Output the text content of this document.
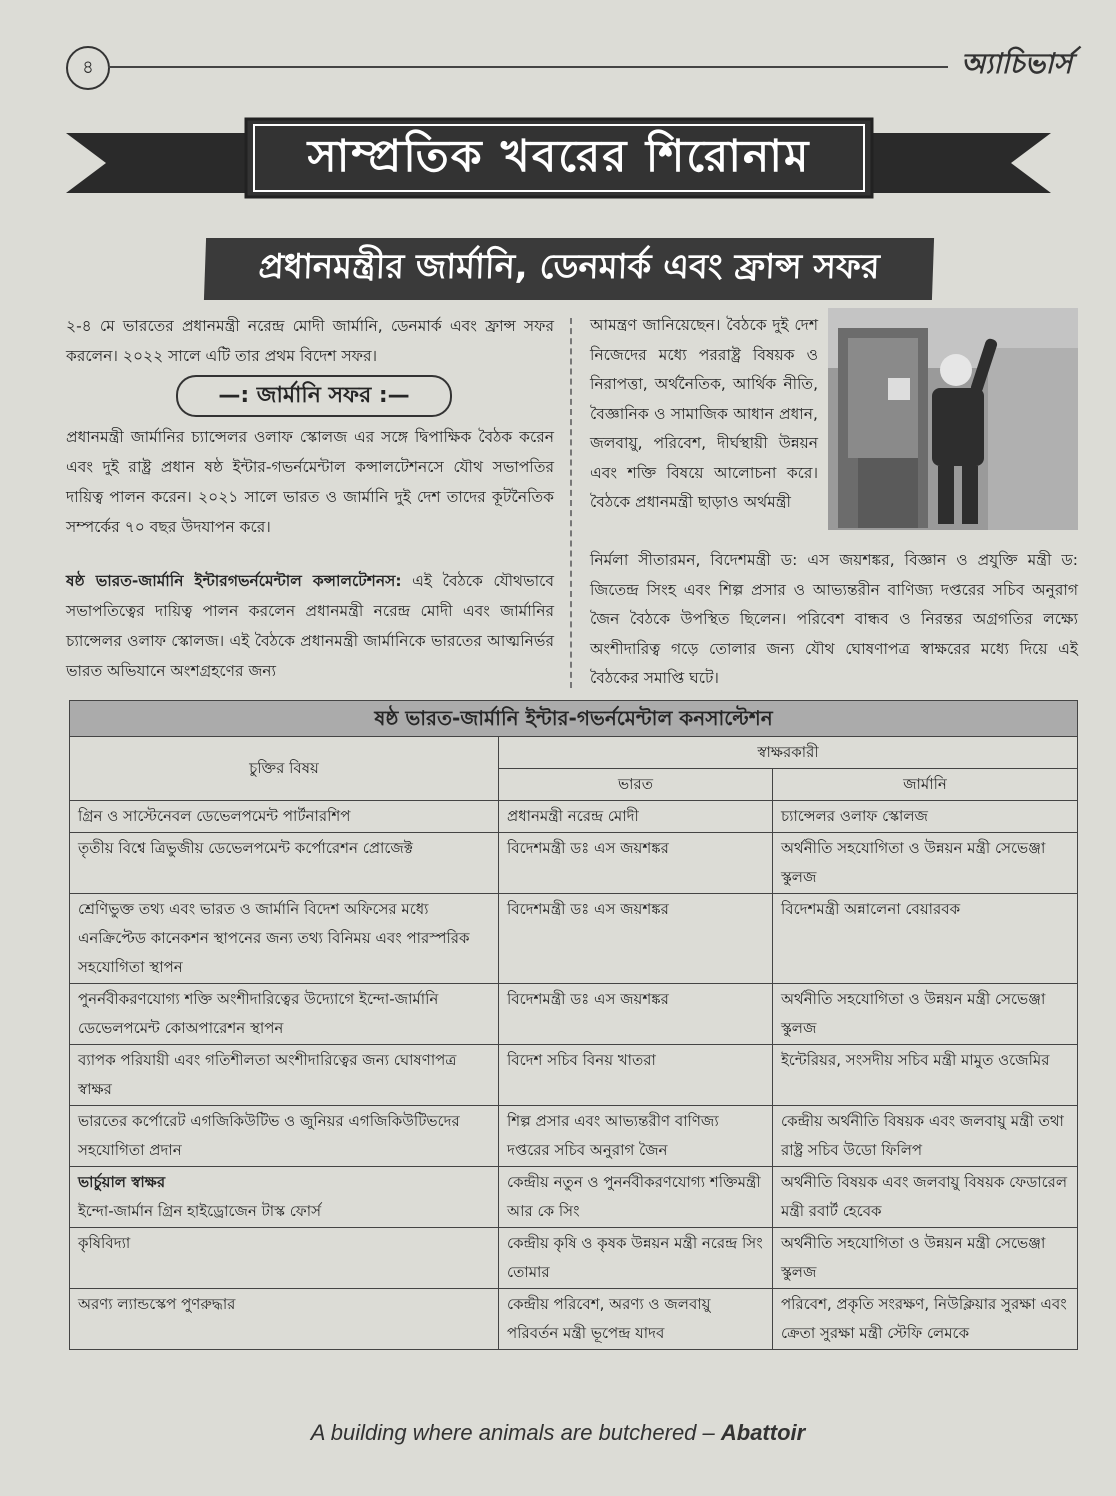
৪	অ্যাচিভার্স
সাম্প্রতিক খবরের শিরোনাম
প্রধানমন্ত্রীর জার্মানি, ডেনমার্ক এবং ফ্রান্স সফর

২-৪ মে ভারতের প্রধানমন্ত্রী নরেন্দ্র মোদী জার্মানি, ডেনমার্ক এবং ফ্রান্স সফর করলেন। ২০২২ সালে এটি তার প্রথম বিদেশ সফর।

—: জার্মানি সফর :—

প্রধানমন্ত্রী জার্মানির চ্যান্সেলর ওলাফ স্কোলজ এর সঙ্গে দ্বিপাক্ষিক বৈঠক করেন এবং দুই রাষ্ট্র প্রধান ষষ্ঠ ইন্টার-গভর্নমেন্টাল কন্সালটেশনসে যৌথ সভাপতির দায়িত্ব পালন করেন। ২০২১ সালে ভারত ও জার্মানি দুই দেশ তাদের কূটনৈতিক সম্পর্কের ৭০ বছর উদযাপন করে।

ষষ্ঠ ভারত-জার্মানি ইন্টারগভর্নমেন্টাল কন্সালটেশনস: এই বৈঠকে যৌথভাবে সভাপতিত্বের দায়িত্ব পালন করলেন প্রধানমন্ত্রী নরেন্দ্র মোদী এবং জার্মানির চ্যান্সেলর ওলাফ স্কোলজ। এই বৈঠকে প্রধানমন্ত্রী জার্মানিকে ভারতের আত্মনির্ভর ভারত অভিযানে অংশগ্রহণের জন্য

আমন্ত্রণ জানিয়েছেন। বৈঠকে দুই দেশ নিজেদের মধ্যে পররাষ্ট্র বিষয়ক ও নিরাপত্তা, অর্থনৈতিক, আর্থিক নীতি, বৈজ্ঞানিক ও সামাজিক আধান প্রধান, জলবায়ু, পরিবেশ, দীর্ঘস্থায়ী উন্নয়ন এবং শক্তি বিষয়ে আলোচনা করে। বৈঠকে প্রধানমন্ত্রী ছাড়াও অর্থমন্ত্রী

নির্মলা সীতারমন, বিদেশমন্ত্রী ড: এস জয়শঙ্কর, বিজ্ঞান ও প্রযুক্তি মন্ত্রী ড: জিতেন্দ্র সিংহ এবং শিল্প প্রসার ও আভ্যন্তরীন বাণিজ্য দপ্তরের সচিব অনুরাগ জৈন বৈঠকে উপস্থিত ছিলেন। পরিবেশ বান্ধব ও নিরন্তর অগ্রগতির লক্ষ্যে অংশীদারিত্ব গড়ে তোলার জন্য যৌথ ঘোষণাপত্র স্বাক্ষরের মধ্যে দিয়ে এই বৈঠকের সমাপ্তি ঘটে।

ষষ্ঠ ভারত-জার্মানি ইন্টার-গভর্নমেন্টাল কনসাল্টেশন		
চুক্তির বিষয়	স্বাক্ষরকারী	
	ভারত	জার্মানি
গ্রিন ও সাস্টেনেবল ডেভেলপমেন্ট পার্টনারশিপ	প্রধানমন্ত্রী নরেন্দ্র মোদী	চ্যান্সেলর ওলাফ স্কোলজ
তৃতীয় বিশ্বে ত্রিভুজীয় ডেভেলপমেন্ট কর্পোরেশন প্রোজেক্ট	বিদেশমন্ত্রী ডঃ এস জয়শঙ্কর	অর্থনীতি সহযোগিতা ও উন্নয়ন মন্ত্রী সেভেঞ্জা স্কুলজ
শ্রেণিভুক্ত তথ্য এবং ভারত ও জার্মানি বিদেশ অফিসের মধ্যে এনক্রিপ্টেড কানেকশন স্থাপনের জন্য তথ্য বিনিময় এবং পারস্পরিক সহযোগিতা স্থাপন	বিদেশমন্ত্রী ডঃ এস জয়শঙ্কর	বিদেশমন্ত্রী অন্নালেনা বেয়ারবক
পুনর্নবীকরণযোগ্য শক্তি অংশীদারিত্বের উদ্যোগে ইন্দো-জার্মানি ডেভেলপমেন্ট কোঅপারেশন স্থাপন	বিদেশমন্ত্রী ডঃ এস জয়শঙ্কর	অর্থনীতি সহযোগিতা ও উন্নয়ন মন্ত্রী সেভেঞ্জা স্কুলজ
ব্যাপক পরিযায়ী এবং গতিশীলতা অংশীদারিত্বের জন্য ঘোষণাপত্র স্বাক্ষর	বিদেশ সচিব বিনয় খাতরা	ইন্টেরিয়র, সংসদীয় সচিব মন্ত্রী মামুত ওজেমির
ভারতের কর্পোরেট এগজিকিউটিভ ও জুনিয়র এগজিকিউটিভদের সহযোগিতা প্রদান	শিল্প প্রসার এবং আভ্যন্তরীণ বাণিজ্য দপ্তরের সচিব অনুরাগ জৈন	কেন্দ্রীয় অর্থনীতি বিষয়ক এবং জলবায়ু মন্ত্রী তথা রাষ্ট্র সচিব উডো ফিলিপ
ভার্চুয়াল স্বাক্ষর
ইন্দো-জার্মান গ্রিন হাইড্রোজেন টাস্ক ফোর্স	কেন্দ্রীয় নতুন ও পুনর্নবীকরণযোগ্য শক্তিমন্ত্রী আর কে সিং	অর্থনীতি বিষয়ক এবং জলবায়ু বিষয়ক ফেডারেল মন্ত্রী রবার্ট হেবেক
কৃষিবিদ্যা	কেন্দ্রীয় কৃষি ও কৃষক উন্নয়ন মন্ত্রী নরেন্দ্র সিং তোমার	অর্থনীতি সহযোগিতা ও উন্নয়ন মন্ত্রী সেভেঞ্জা স্কুলজ
অরণ্য ল্যান্ডস্কেপ পুণরুদ্ধার	কেন্দ্রীয় পরিবেশ, অরণ্য ও জলবায়ু পরিবর্তন মন্ত্রী ভূপেন্দ্র যাদব	পরিবেশ, প্রকৃতি সংরক্ষণ, নিউক্লিয়ার সুরক্ষা এবং ক্রেতা সুরক্ষা মন্ত্রী স্টেফি লেমকে
A building where animals are butchered – Abattoir
